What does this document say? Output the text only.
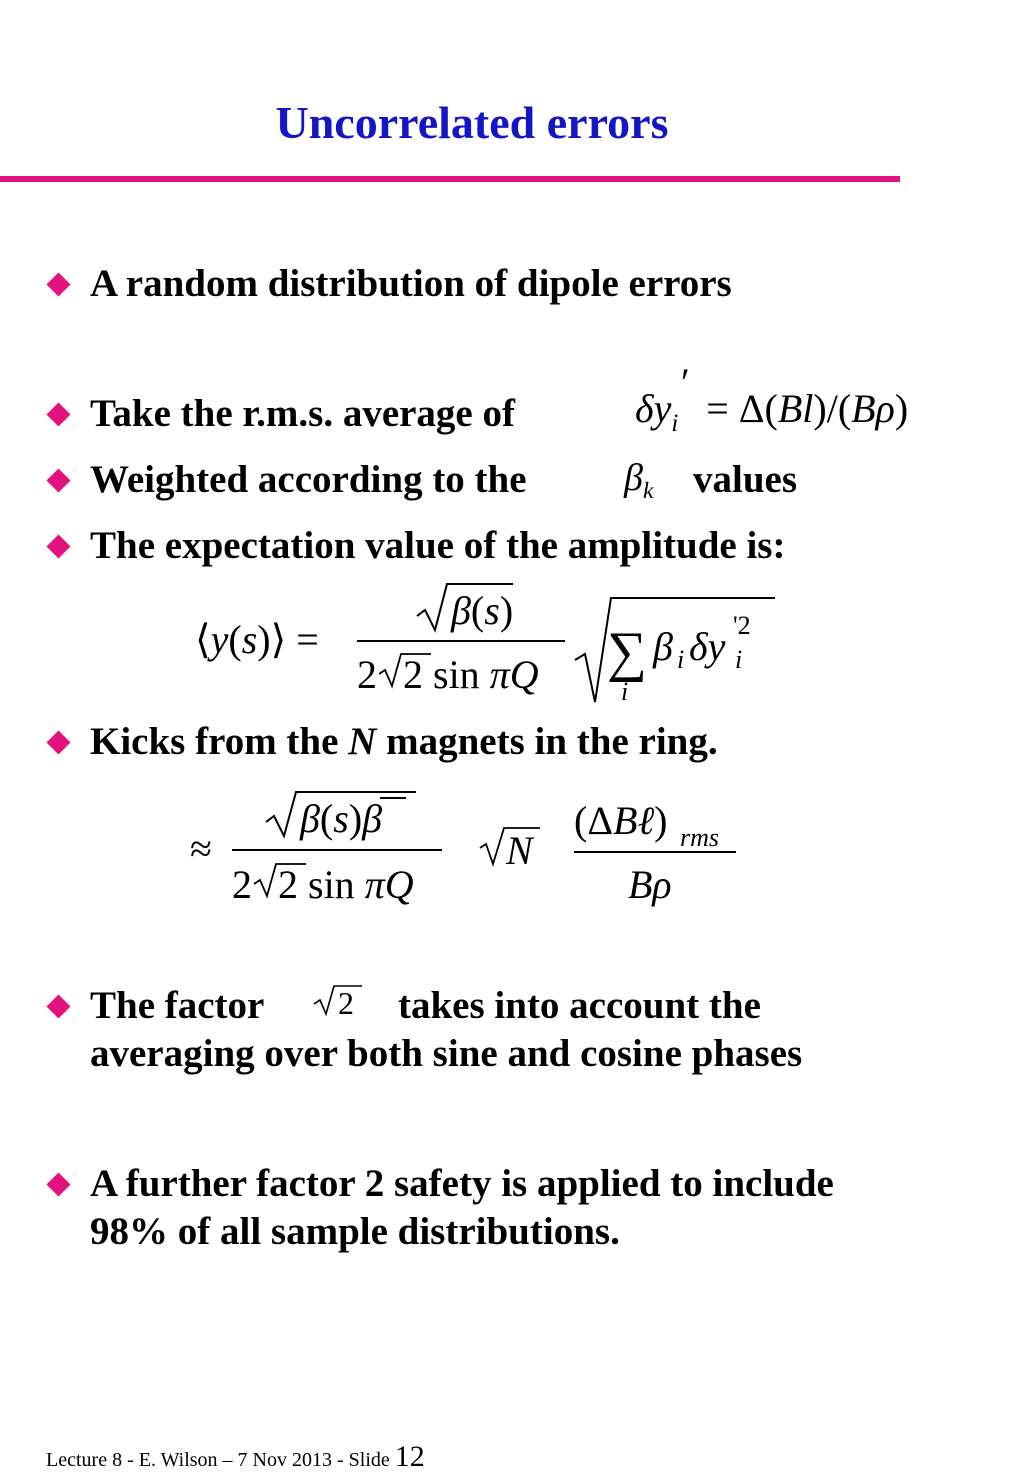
Uncorrelated errors
A random distribution of dipole errors
Take the r.m.s. average of	$\delta y_i$
′
= Δ(Bl)/(Bρ)
Weighted according to the	values
$\beta_k$
The expectation value of the amplitude is:
⟨y(s)⟩ =
β(s)
2 2 sin πQ ∑
i
β i δy i
'2
Kicks from the N magnets in the ring.
≈
β(s)β
2 2 sin πQ
N
(ΔBℓ) rms
Bρ
The factor	takes into account the
averaging over both sine and cosine phases
2
A further factor 2 safety is applied to include
98% of all sample distributions.
Lecture 8 - E. Wilson – 7 Nov 2013 - Slide 12
